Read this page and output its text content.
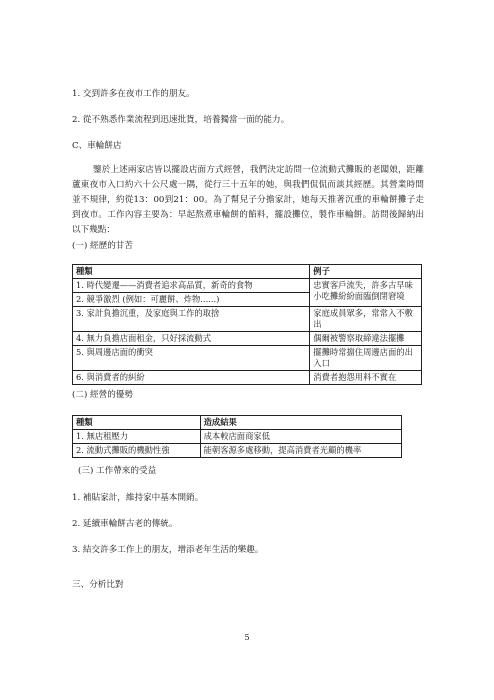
1. 交到許多在夜市工作的朋友。
2. 從不熟悉作業流程到迅速批貨，培養獨當一面的能力。
C、車輪餅店
鑒於上述兩家店皆以擺設店面方式經營，我們決定訪問一位流動式攤販的老闆娘，距離蘆東夜市入口約六十公尺處一隅，從行三十五年的她，與我們侃侃而談其經歷。其營業時間並不規律，約從13：00到21：00。為了幫兒子分擔家計，她每天推著沉重的車輪餅攤子走到夜市。工作內容主要為：早起熬煮車輪餅的餡料，擺設攤位，製作車輪餅。訪問後歸納出以下幾點：
(一) 經歷的甘苦
種類	例子
1. 時代變遷——消費者追求高品質，新奇的食物	忠實客戶流失，許多古早味小吃攤紛紛面臨倒閉窘境
2. 競爭激烈 (例如：可麗餅、炸物......)	
3. 家計負擔沉重，及家庭與工作的取捨	家庭成員眾多，常常入不敷出
4. 無力負擔店面租金，只好採流動式	偶爾被警察取締違法擺攤
5. 與周邊店面的衝突	擺攤時常擋住周邊店面的出入口
6. 與消費者的糾紛	消費者抱怨用料不實在
(二) 經營的優勢
種類	造成結果
1. 無店租壓力	成本較店面商家低
2. 流動式攤販的機動性強	能朝客源多處移動，提高消費者光顧的機率
(三) 工作帶來的受益
1. 補貼家計，維持家中基本開銷。
2. 延續車輪餅古老的傳統。
3. 結交許多工作上的朋友，增添老年生活的樂趣。
三、分析比對
5
